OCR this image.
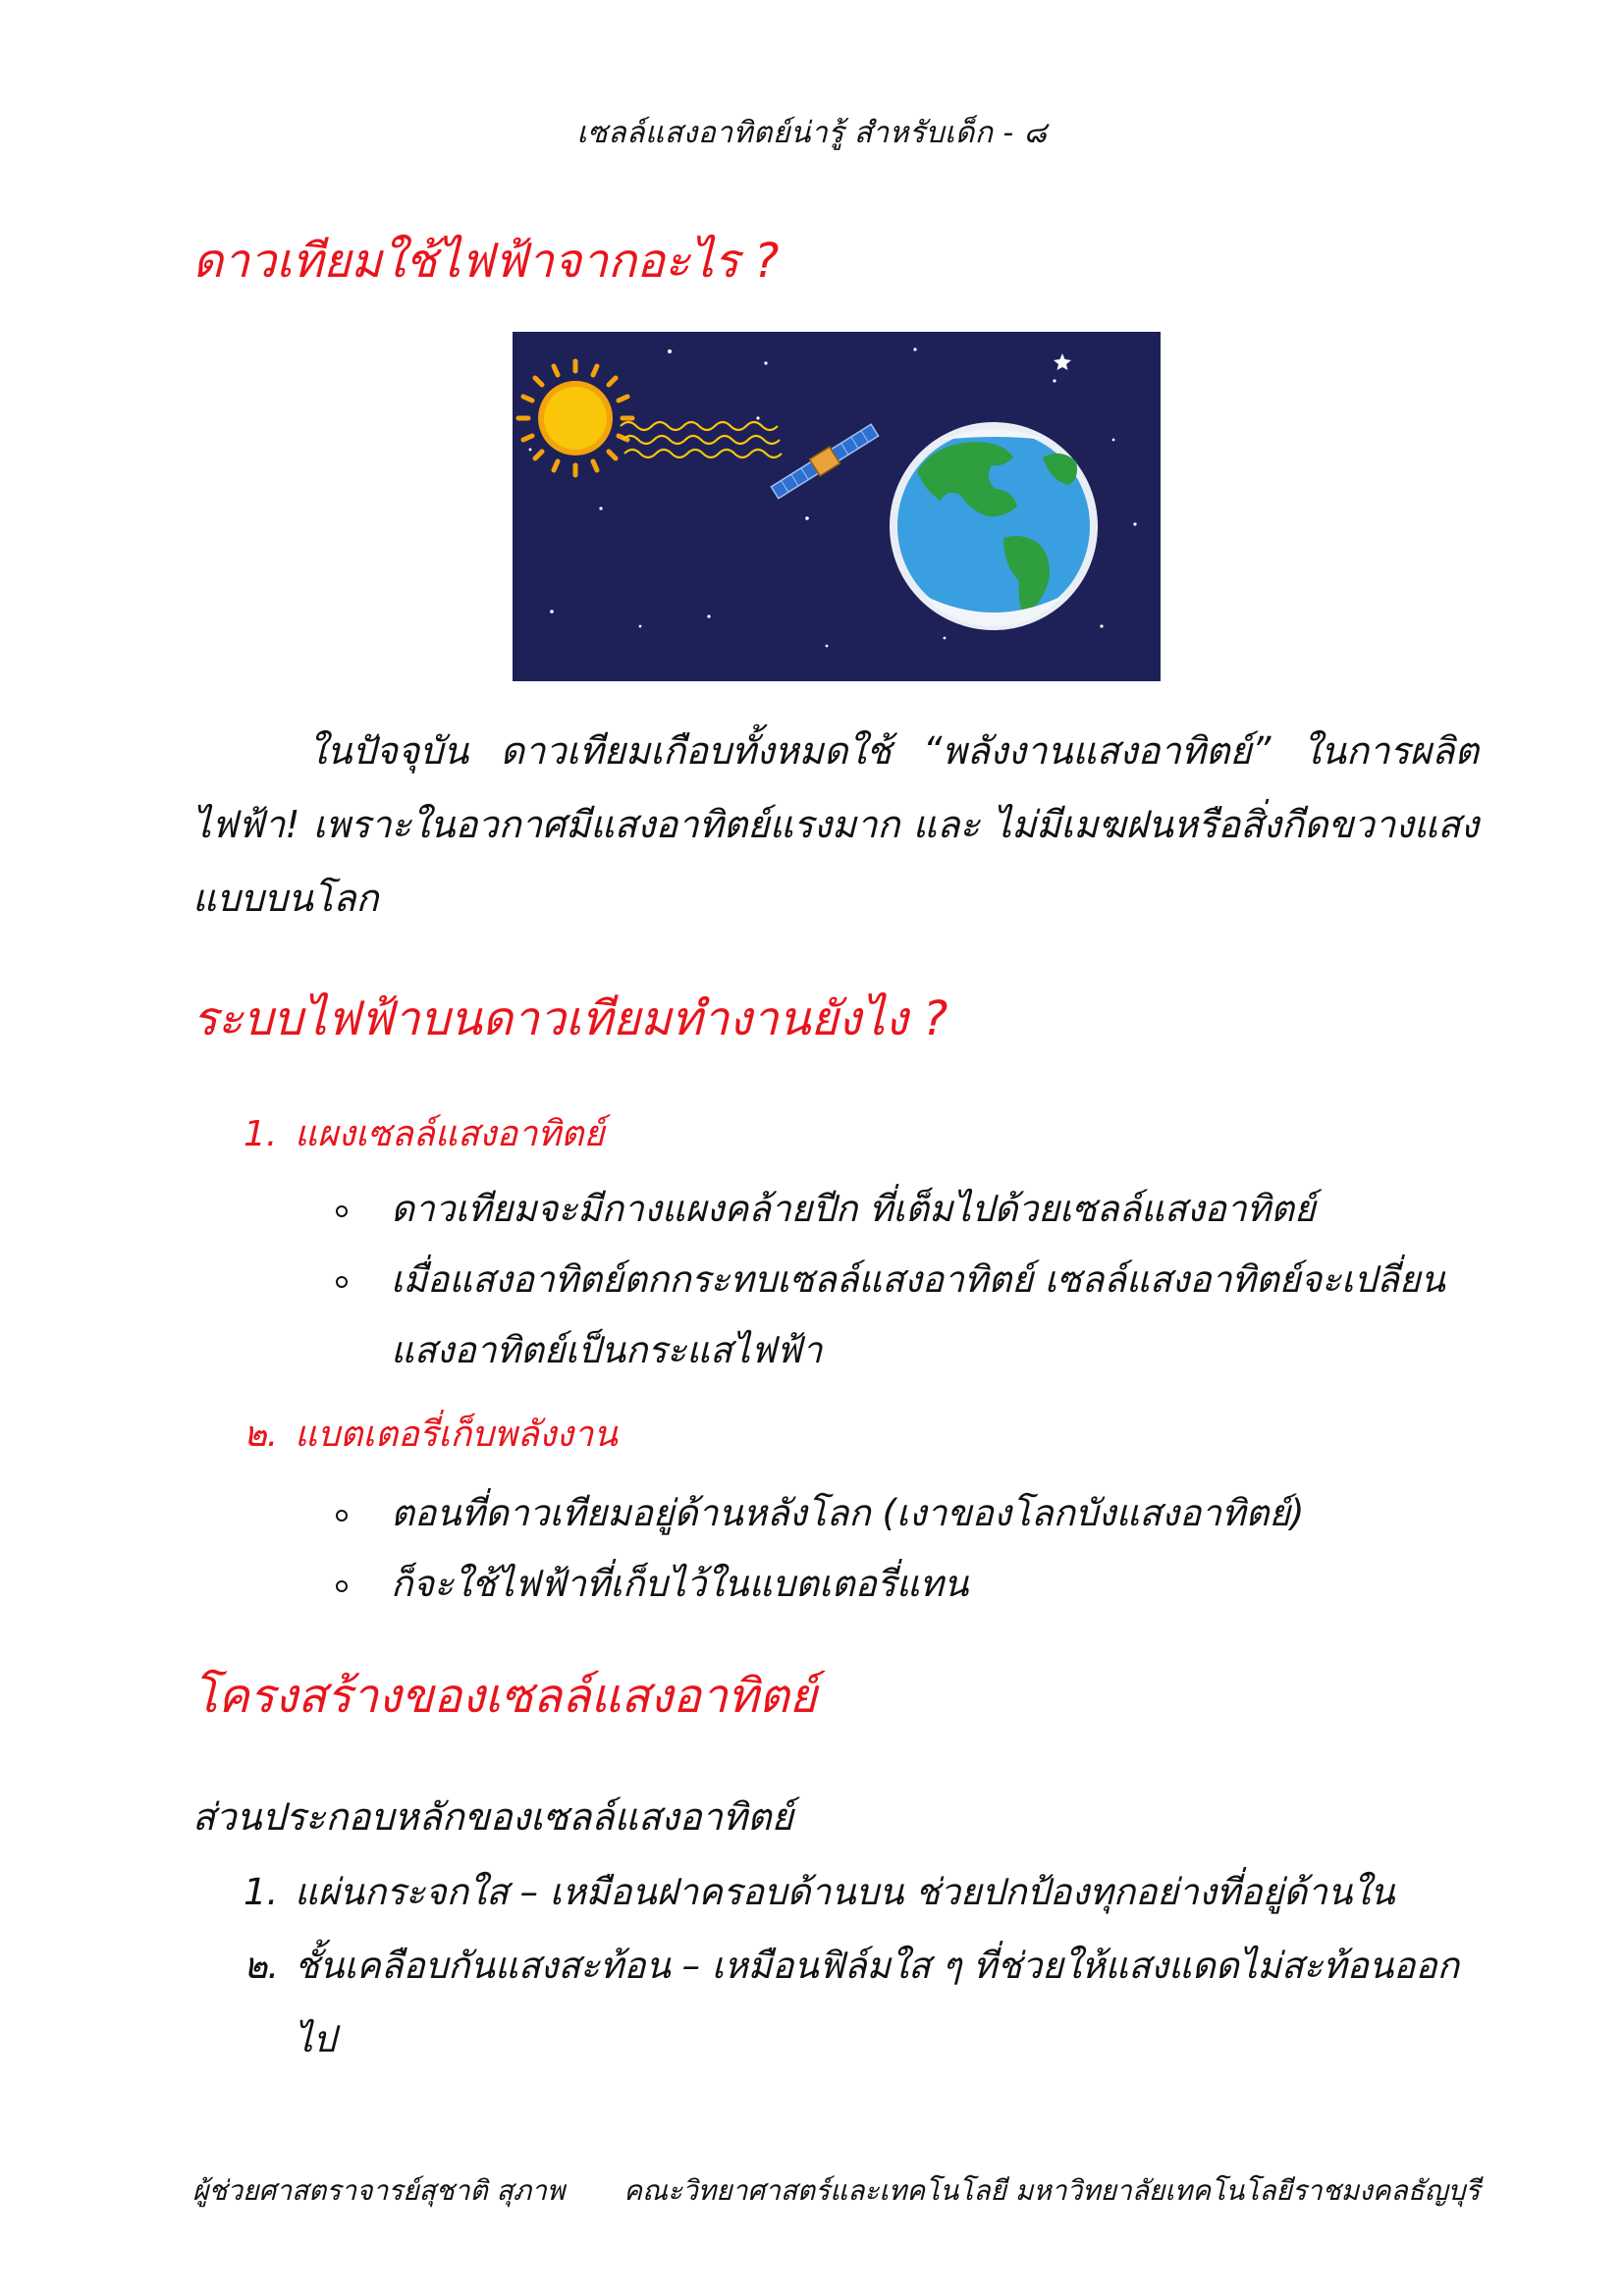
เซลล์แสงอาทิตย์น่ารู้ สำหรับเด็ก - ๘
ดาวเทียมใช้ไฟฟ้าจากอะไร ?

ในปัจจุบัน ดาวเทียมเกือบทั้งหมดใช้ “พลังงานแสงอาทิตย์” ในการผลิตไฟฟ้า! เพราะในอวกาศมีแสงอาทิตย์แรงมาก และ ไม่มีเมฆฝนหรือสิ่งกีดขวางแสงแบบบนโลก

ระบบไฟฟ้าบนดาวเทียมทำงานยังไง ?

1. แผงเซลล์แสงอาทิตย์

ดาวเทียมจะมีกางแผงคล้ายปีก ที่เต็มไปด้วยเซลล์แสงอาทิตย์
เมื่อแสงอาทิตย์ตกกระทบเซลล์แสงอาทิตย์ เซลล์แสงอาทิตย์จะเปลี่ยนแสงอาทิตย์เป็นกระแสไฟฟ้า

๒. แบตเตอรี่เก็บพลังงาน

ตอนที่ดาวเทียมอยู่ด้านหลังโลก (เงาของโลกบังแสงอาทิตย์)
ก็จะใช้ไฟฟ้าที่เก็บไว้ในแบตเตอรี่แทน
โครงสร้างของเซลล์แสงอาทิตย์

ส่วนประกอบหลักของเซลล์แสงอาทิตย์

1. แผ่นกระจกใส – เหมือนฝาครอบด้านบน ช่วยปกป้องทุกอย่างที่อยู่ด้านใน
๒. ชั้นเคลือบกันแสงสะท้อน – เหมือนฟิล์มใส ๆ ที่ช่วยให้แสงแดดไม่สะท้อนออกไป
ผู้ช่วยศาสตราจารย์สุชาติ สุภาพ คณะวิทยาศาสตร์และเทคโนโลยี มหาวิทยาลัยเทคโนโลยีราชมงคลธัญบุรี
